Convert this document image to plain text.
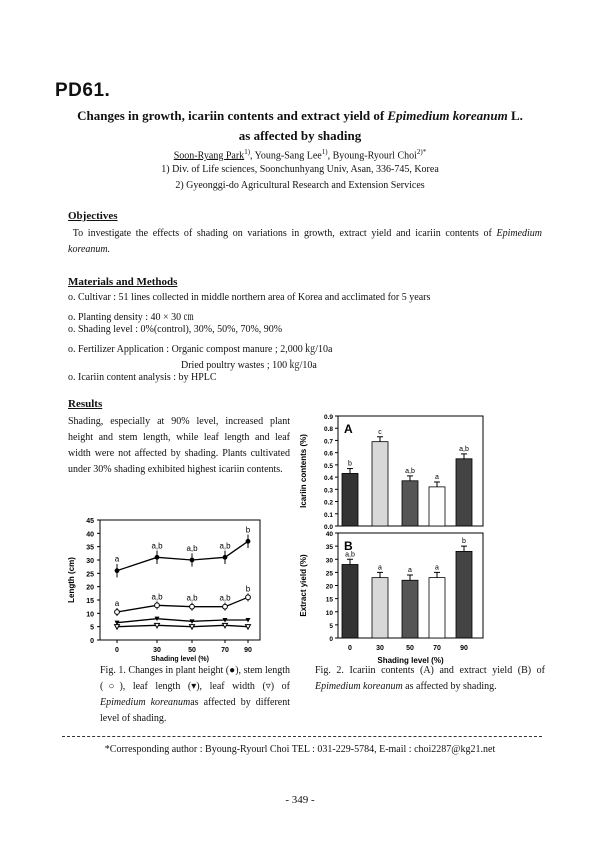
PD61.
Changes in growth, icariin contents and extract yield of Epimedium koreanum L.
as affected by shading
Soon-Ryang Park$^{1)}$, Young-Sang Lee$^{1)}$, Byoung-Ryourl Choi$^{2)*}$
1) Div. of Life sciences, Soonchunhyang Univ, Asan, 336-745, Korea
2) Gyeonggi-do Agricultural Research and Extension Services
Objectives
To investigate the effects of shading on variations in growth, extract yield and icariin contents of Epimedium koreanum.
Materials and Methods
o. Cultivar : 51 lines collected in middle northern area of Korea and acclimated for 5 years
o. Planting density : 40 × 30 ㎝
o. Shading level : 0%(control), 30%, 50%, 70%, 90%
o. Fertilizer Application : Organic compost manure ; 2,000 ㎏/10a
Dried poultry wastes ; 100 ㎏/10a
o. Icariin content analysis : by HPLC
Results
Shading, especially at 90% level, increased plant height and stem length, while leaf length and leaf width were not affected by shading. Plants cultivated under 30% shading exhibited highest icariin contents.
0
5
10
15
20
25
30
35
40
45
0	30	50	70 90
Length (cm)
Shading level (%)
a
a,b	a,b	a,b
b
a
a,b	a,b	a,b
b
0.0
0.1
0.2
0.3
0.4
0.5
0.6
0.7
0.8
0.9
A
Icariin contents (%)	b
c
a,b
a
a,b
0
5
10
15
20
25
30
35
40
B
Extract yield (%)	a,b
a	a	a
b
0	30	50	70	90
Shading level (%)
Fig. 1. Changes in plant height (●), stem length (○), leaf length (▾), leaf width (▿) of Epimedium koreanumas affected by different level of shading.
Fig. 2. Icariin contents (A) and extract yield (B) of Epimedium koreanum as affected by shading.
*Corresponding author : Byoung-Ryourl Choi TEL : 031-229-5784, E-mail : choi2287@kg21.net
- 349 -
